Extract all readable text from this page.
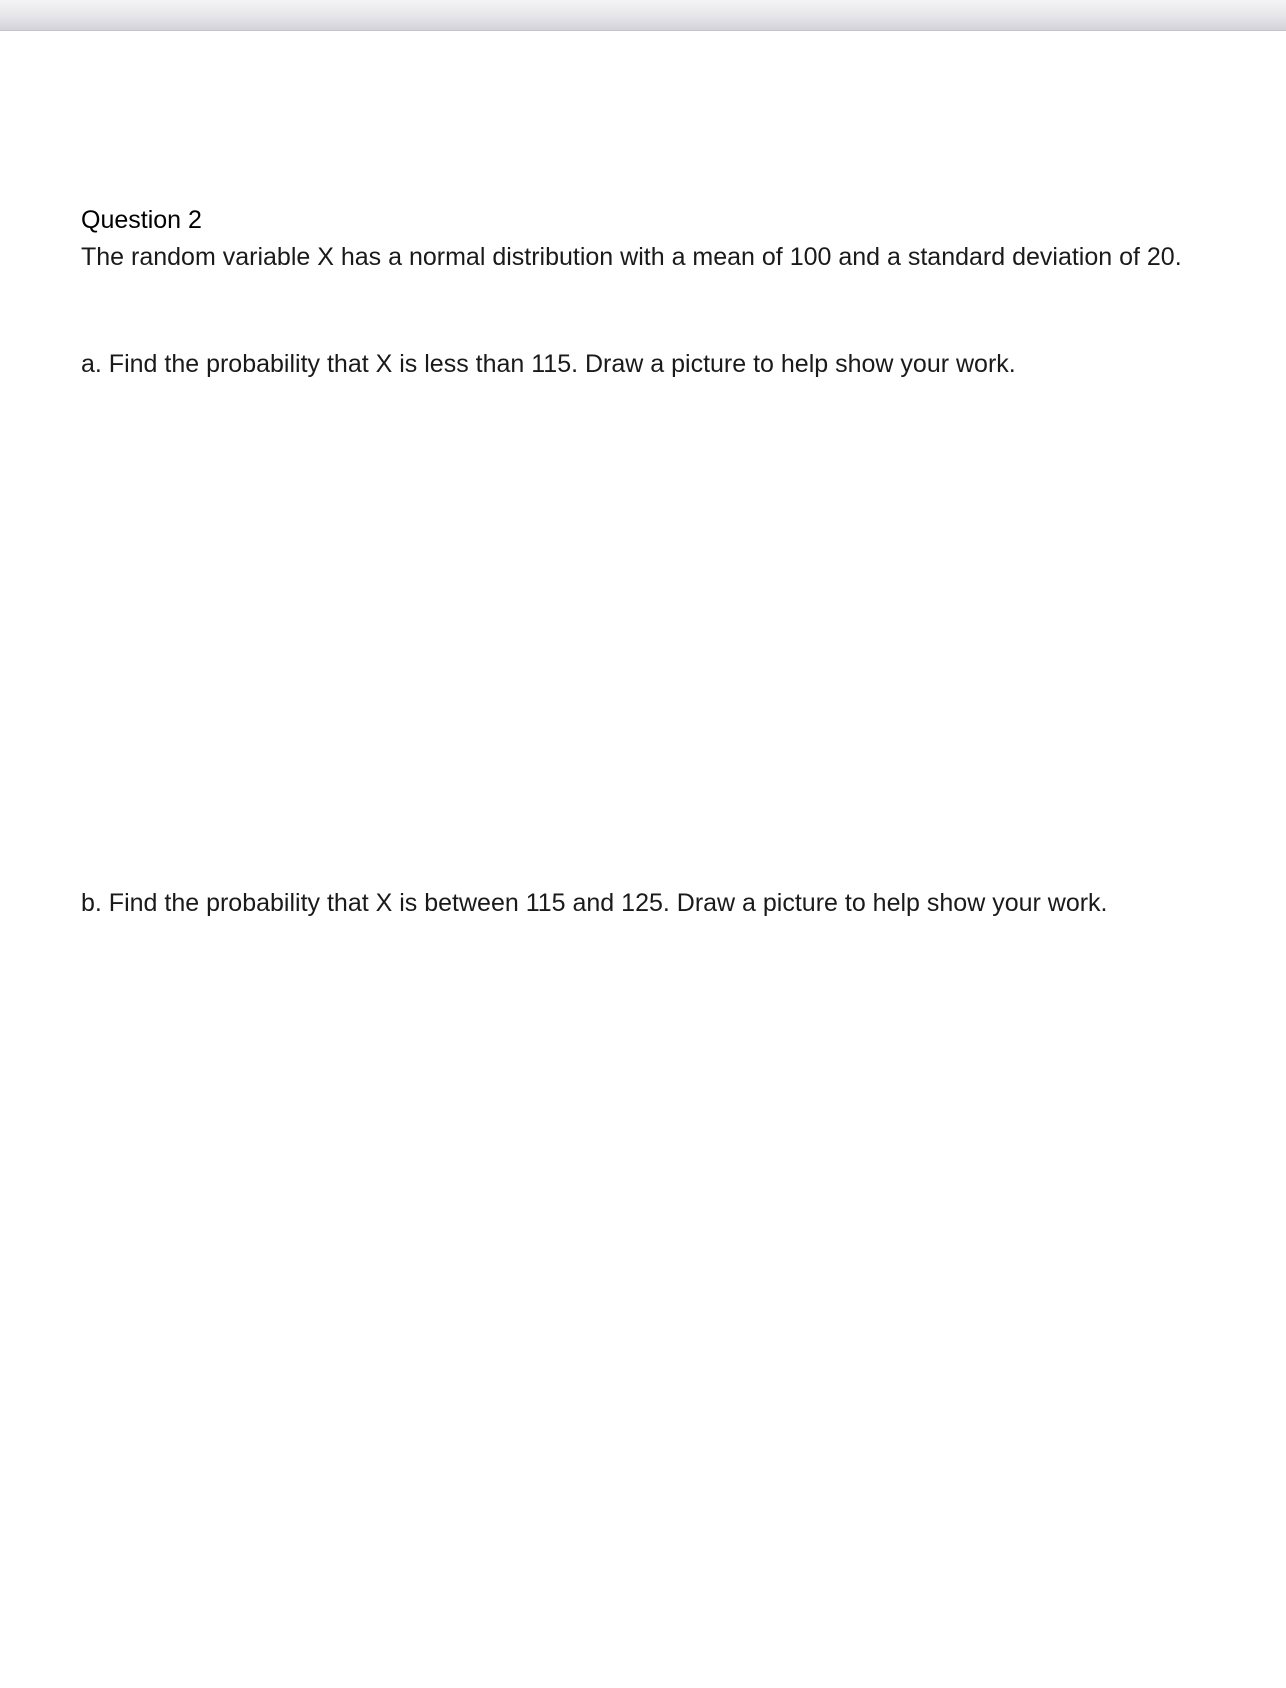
Question 2

The random variable X has a normal distribution with a mean of 100 and a standard deviation of 20.

a. Find the probability that X is less than 115. Draw a picture to help show your work.

b. Find the probability that X is between 115 and 125. Draw a picture to help show your work.
